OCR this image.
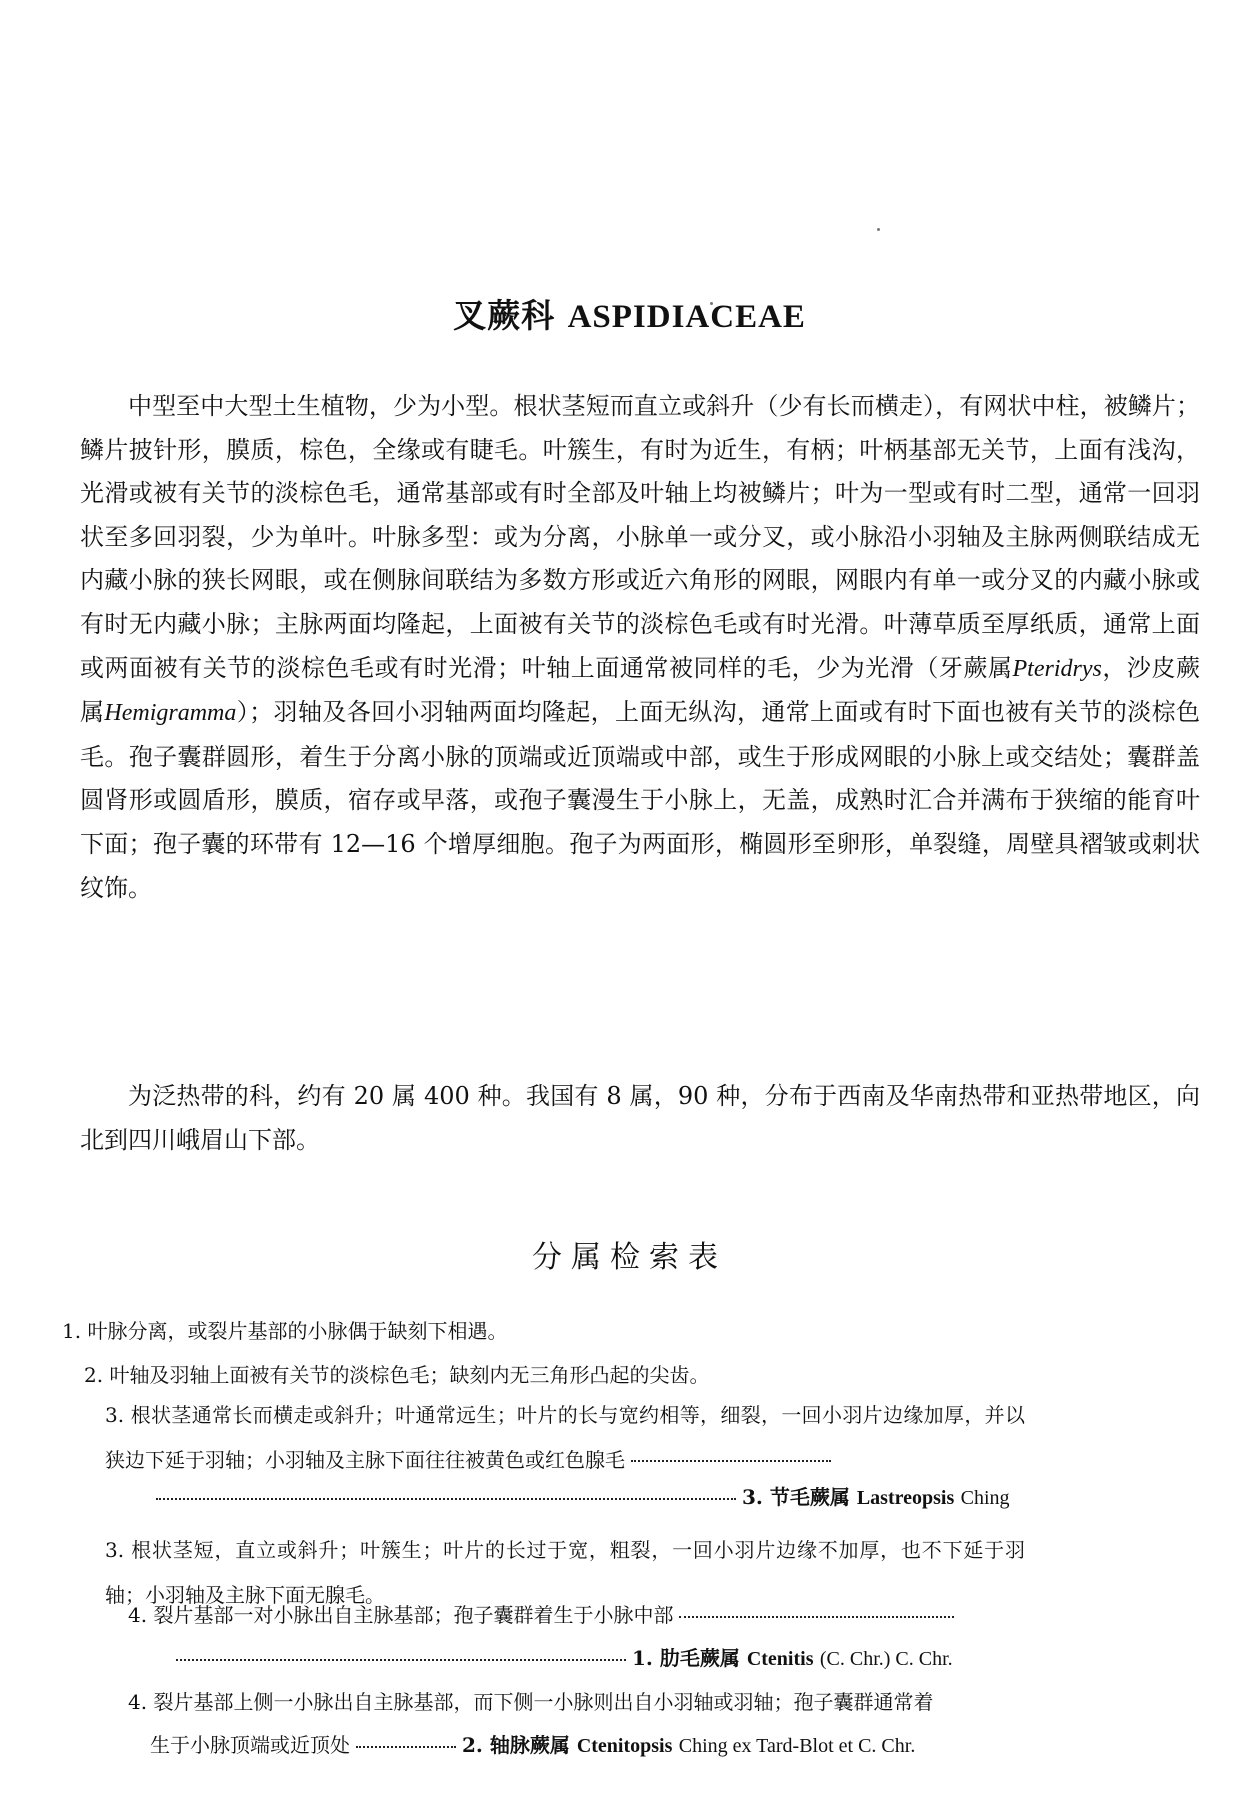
叉蕨科 ASPIDIACEAE

中型至中大型土生植物，少为小型。根状茎短而直立或斜升（少有长而横走），有网状中柱，被鳞片；鳞片披针形，膜质，棕色，全缘或有睫毛。叶簇生，有时为近生，有柄；叶柄基部无关节，上面有浅沟，光滑或被有关节的淡棕色毛，通常基部或有时全部及叶轴上均被鳞片；叶为一型或有时二型，通常一回羽状至多回羽裂，少为单叶。叶脉多型：或为分离，小脉单一或分叉，或小脉沿小羽轴及主脉两侧联结成无内藏小脉的狭长网眼，或在侧脉间联结为多数方形或近六角形的网眼，网眼内有单一或分叉的内藏小脉或有时无内藏小脉；主脉两面均隆起，上面被有关节的淡棕色毛或有时光滑。叶薄草质至厚纸质，通常上面或两面被有关节的淡棕色毛或有时光滑；叶轴上面通常被同样的毛，少为光滑（牙蕨属Pteridrys，沙皮蕨属Hemigramma）；羽轴及各回小羽轴两面均隆起，上面无纵沟，通常上面或有时下面也被有关节的淡棕色毛。孢子囊群圆形，着生于分离小脉的顶端或近顶端或中部，或生于形成网眼的小脉上或交结处；囊群盖圆肾形或圆盾形，膜质，宿存或早落，或孢子囊漫生于小脉上，无盖，成熟时汇合并满布于狭缩的能育叶下面；孢子囊的环带有 12—16 个增厚细胞。孢子为两面形，椭圆形至卵形，单裂缝，周壁具褶皱或刺状纹饰。

为泛热带的科，约有 20 属 400 种。我国有 8 属，90 种，分布于西南及华南热带和亚热带地区，向北到四川峨眉山下部。

分属检索表
1. 叶脉分离，或裂片基部的小脉偶于缺刻下相遇。
2. 叶轴及羽轴上面被有关节的淡棕色毛；缺刻内无三角形凸起的尖齿。
3. 根状茎通常长而横走或斜升；叶通常远生；叶片的长与宽约相等，细裂，一回小羽片边缘加厚，并以狭边下延于羽轴；小羽轴及主脉下面往往被黄色或红色腺毛
3. 节毛蕨属 Lastreopsis Ching
3. 根状茎短，直立或斜升；叶簇生；叶片的长过于宽，粗裂，一回小羽片边缘不加厚，也不下延于羽轴；小羽轴及主脉下面无腺毛。
4. 裂片基部一对小脉出自主脉基部；孢子囊群着生于小脉中部
1. 肋毛蕨属 Ctenitis (C. Chr.) C. Chr.
4. 裂片基部上侧一小脉出自主脉基部，而下侧一小脉则出自小羽轴或羽轴；孢子囊群通常着
生于小脉顶端或近顶处	2. 轴脉蕨属 Ctenitopsis Ching ex Tard-Blot et C. Chr.
